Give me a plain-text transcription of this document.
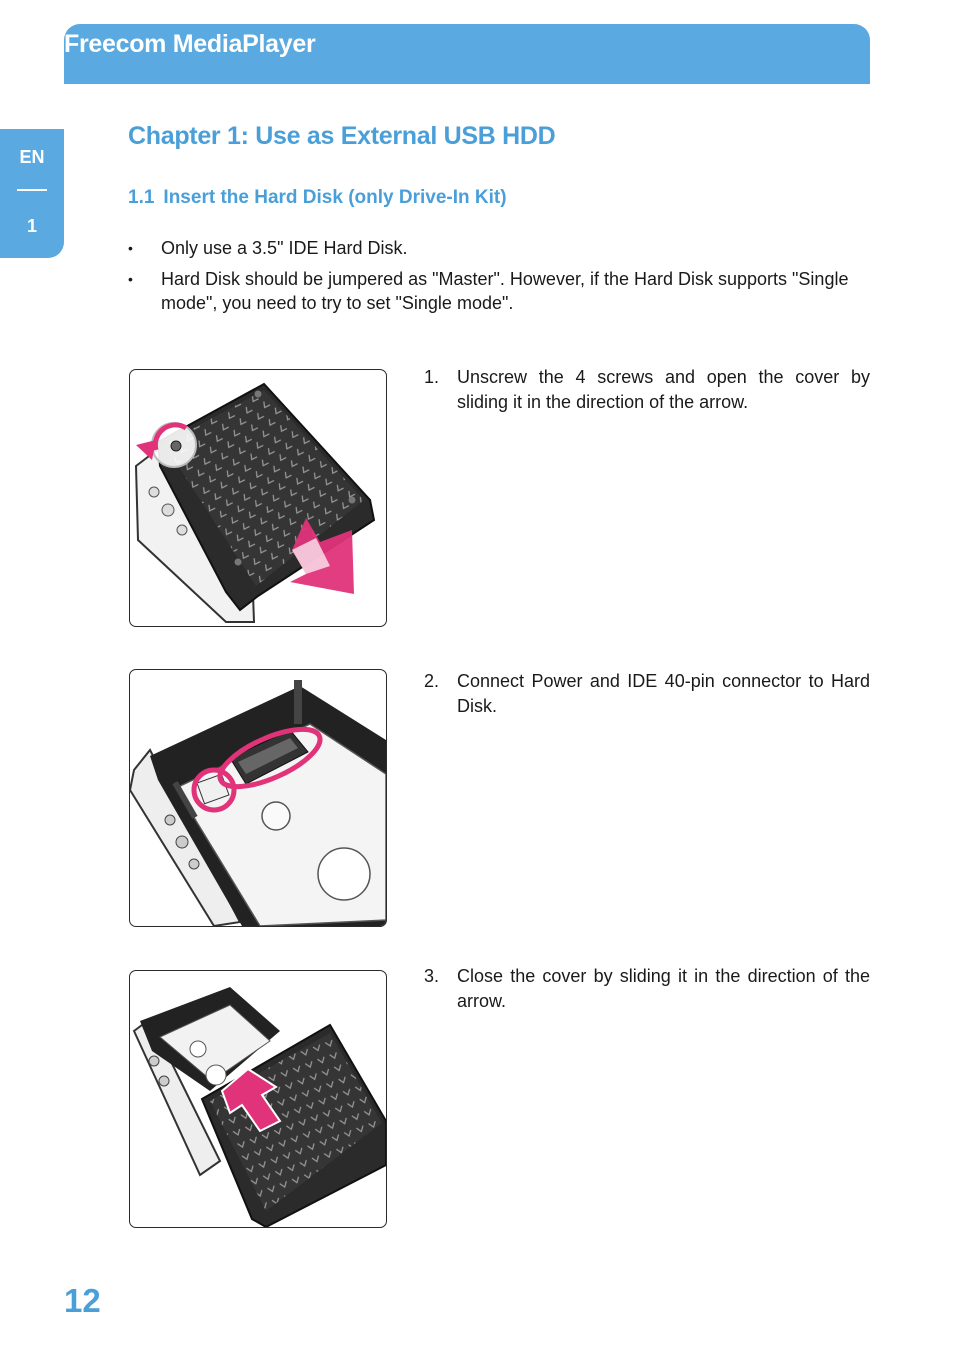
Freecom MediaPlayer
EN
1
Chapter 1: Use as External USB HDD
1.1 Insert the Hard Disk (only Drive-In Kit)
• Only use a 3.5" IDE Hard Disk.
• Hard Disk should be jumpered as "Master". However, if the Hard Disk supports "Single mode", you need to try to set "Single mode".
1. Unscrew the 4 screws and open the cover by sliding it in the direction of the arrow.
2. Connect Power and IDE 40-pin connector to Hard Disk.
3. Close the cover by sliding it in the direction of the arrow.

12
